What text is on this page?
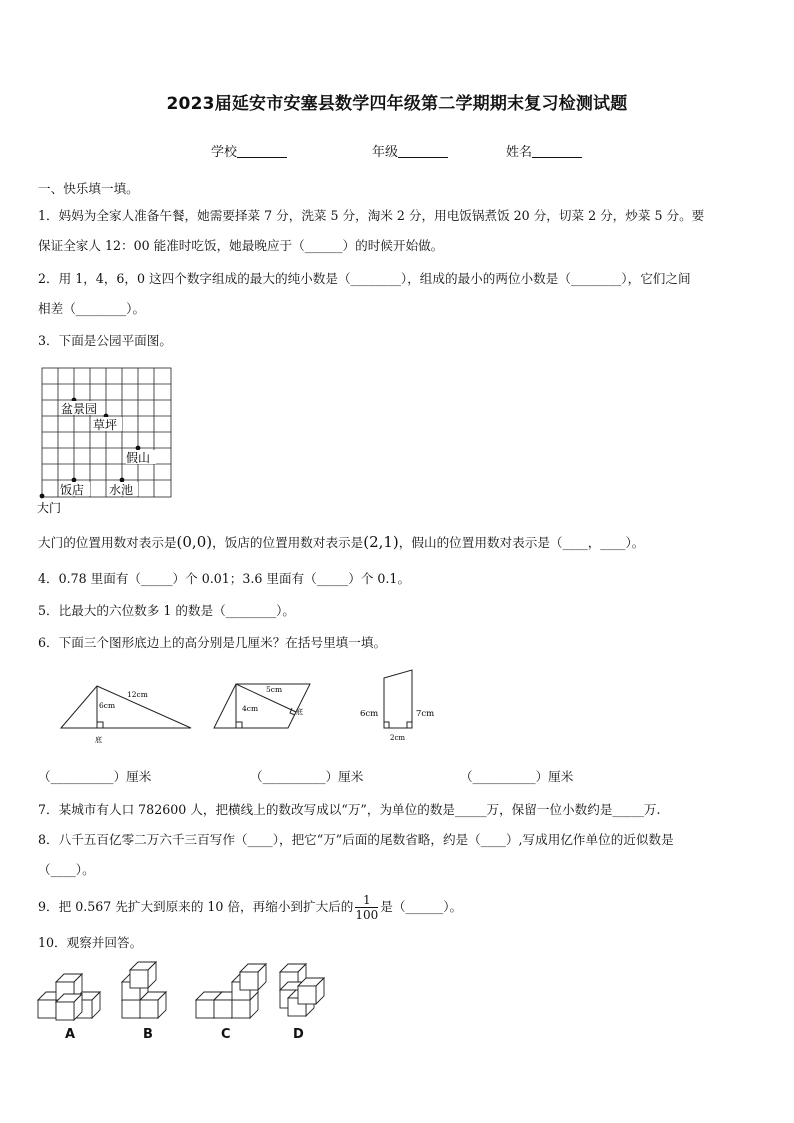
2023届延安市安塞县数学四年级第二学期期末复习检测试题
学校	年级	姓名
一、快乐填一填。
1．妈妈为全家人准备午餐，她需要择菜 7 分，洗菜 5 分，淘米 2 分，用电饭锅煮饭 20 分，切菜 2 分，炒菜 5 分。要
保证全家人 12：00 能准时吃饭，她最晚应于（______）的时候开始做。
2．用 1，4，6，0 这四个数字组成的最大的纯小数是（________），组成的最小的两位小数是（________），它们之间
相差（________）。
3．下面是公园平面图。
盆景园
草坪
假山
饭店 水池
大门
大门的位置用数对表示是(0,0)，饭店的位置用数对表示是(2,1)，假山的位置用数对表示是（____，____）。
4．0.78 里面有（_____）个 0.01；3.6 里面有（_____）个 0.1。
5．比最大的六位数多 1 的数是（________）。
6．下面三个图形底边上的高分别是几厘米？在括号里填一填。
12cm
6cm
底
5cm
4cm	底	6cm	7cm
2cm
（__________）厘米	（__________）厘米	（__________）厘米
7．某城市有人口 782600 人，把横线上的数改写成以“万”，为单位的数是_____万，保留一位小数约是_____万.
8．八千五百亿零二万六千三百写作（____），把它“万”后面的尾数省略，约是（____）,写成用亿作单位的近似数是
（____）。
9．把 0.567 先扩大到原来的 10 倍，再缩小到扩大后的 $\frac{1}{100}$ 是（______）。
10．观察并回答。
A	B	C	D
